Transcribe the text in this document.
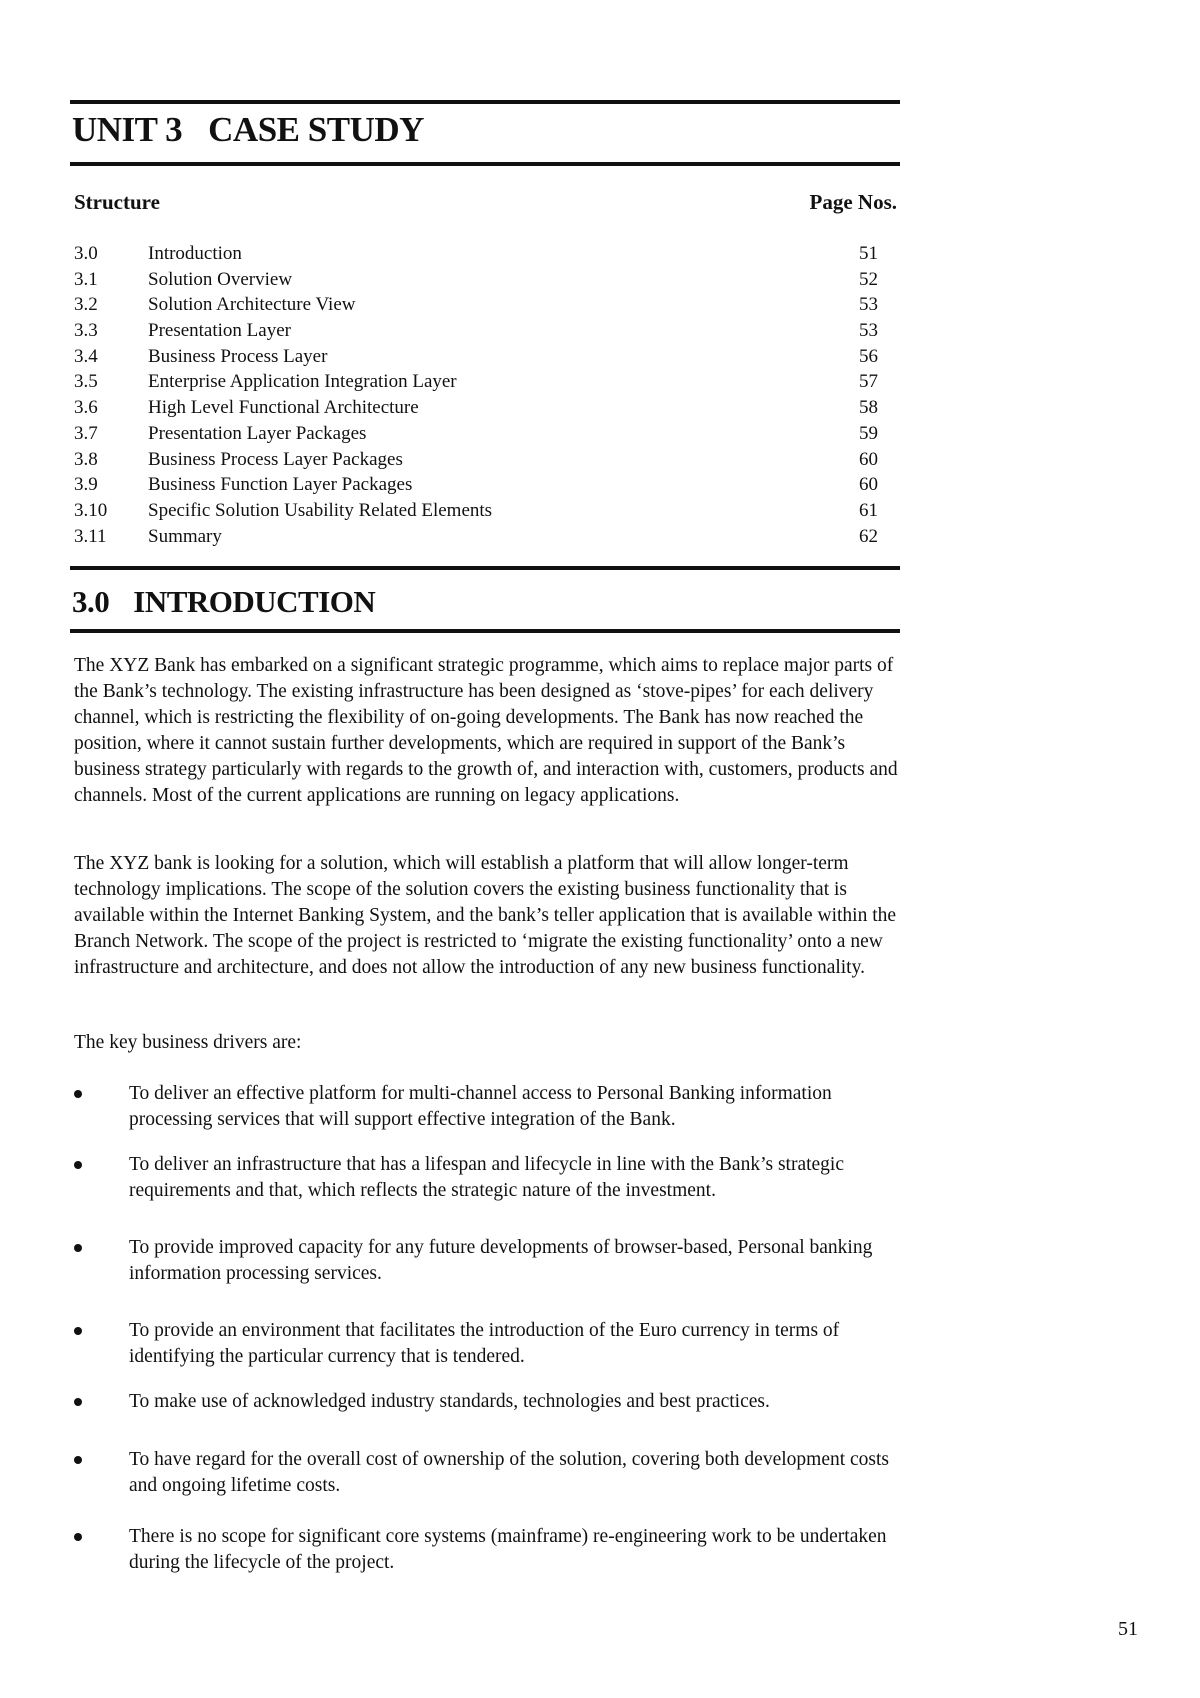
UNIT 3 CASE STUDY
Structure	Page Nos.
3.0	Introduction	51
3.1	Solution Overview	52
3.2	Solution Architecture View	53
3.3	Presentation Layer	53
3.4	Business Process Layer	56
3.5	Enterprise Application Integration Layer	57
3.6	High Level Functional Architecture	58
3.7	Presentation Layer Packages	59
3.8	Business Process Layer Packages	60
3.9	Business Function Layer Packages	60
3.10 Specific Solution Usability Related Elements	61
3.11 Summary	62
3.0 INTRODUCTION

The XYZ Bank has embarked on a significant strategic programme, which aims to replace major parts of the Bank’s technology. The existing infrastructure has been designed as ‘stove-pipes’ for each delivery channel, which is restricting the flexibility of on-going developments. The Bank has now reached the position, where it cannot sustain further developments, which are required in support of the Bank’s business strategy particularly with regards to the growth of, and interaction with, customers, products and channels. Most of the current applications are running on legacy applications.

The XYZ bank is looking for a solution, which will establish a platform that will allow longer-term technology implications. The scope of the solution covers the existing business functionality that is available within the Internet Banking System, and the bank’s teller application that is available within the Branch Network. The scope of the project is restricted to ‘migrate the existing functionality’ onto a new infrastructure and architecture, and does not allow the introduction of any new business functionality.

The key business drivers are:

To deliver an effective platform for multi-channel access to Personal Banking information processing services that will support effective integration of the Bank.
To deliver an infrastructure that has a lifespan and lifecycle in line with the Bank’s strategic requirements and that, which reflects the strategic nature of the investment.
To provide improved capacity for any future developments of browser-based, Personal banking information processing services.
To provide an environment that facilitates the introduction of the Euro currency in terms of identifying the particular currency that is tendered.
To make use of acknowledged industry standards, technologies and best practices.
To have regard for the overall cost of ownership of the solution, covering both development costs and ongoing lifetime costs.
There is no scope for significant core systems (mainframe) re-engineering work to be undertaken during the lifecycle of the project.
51
